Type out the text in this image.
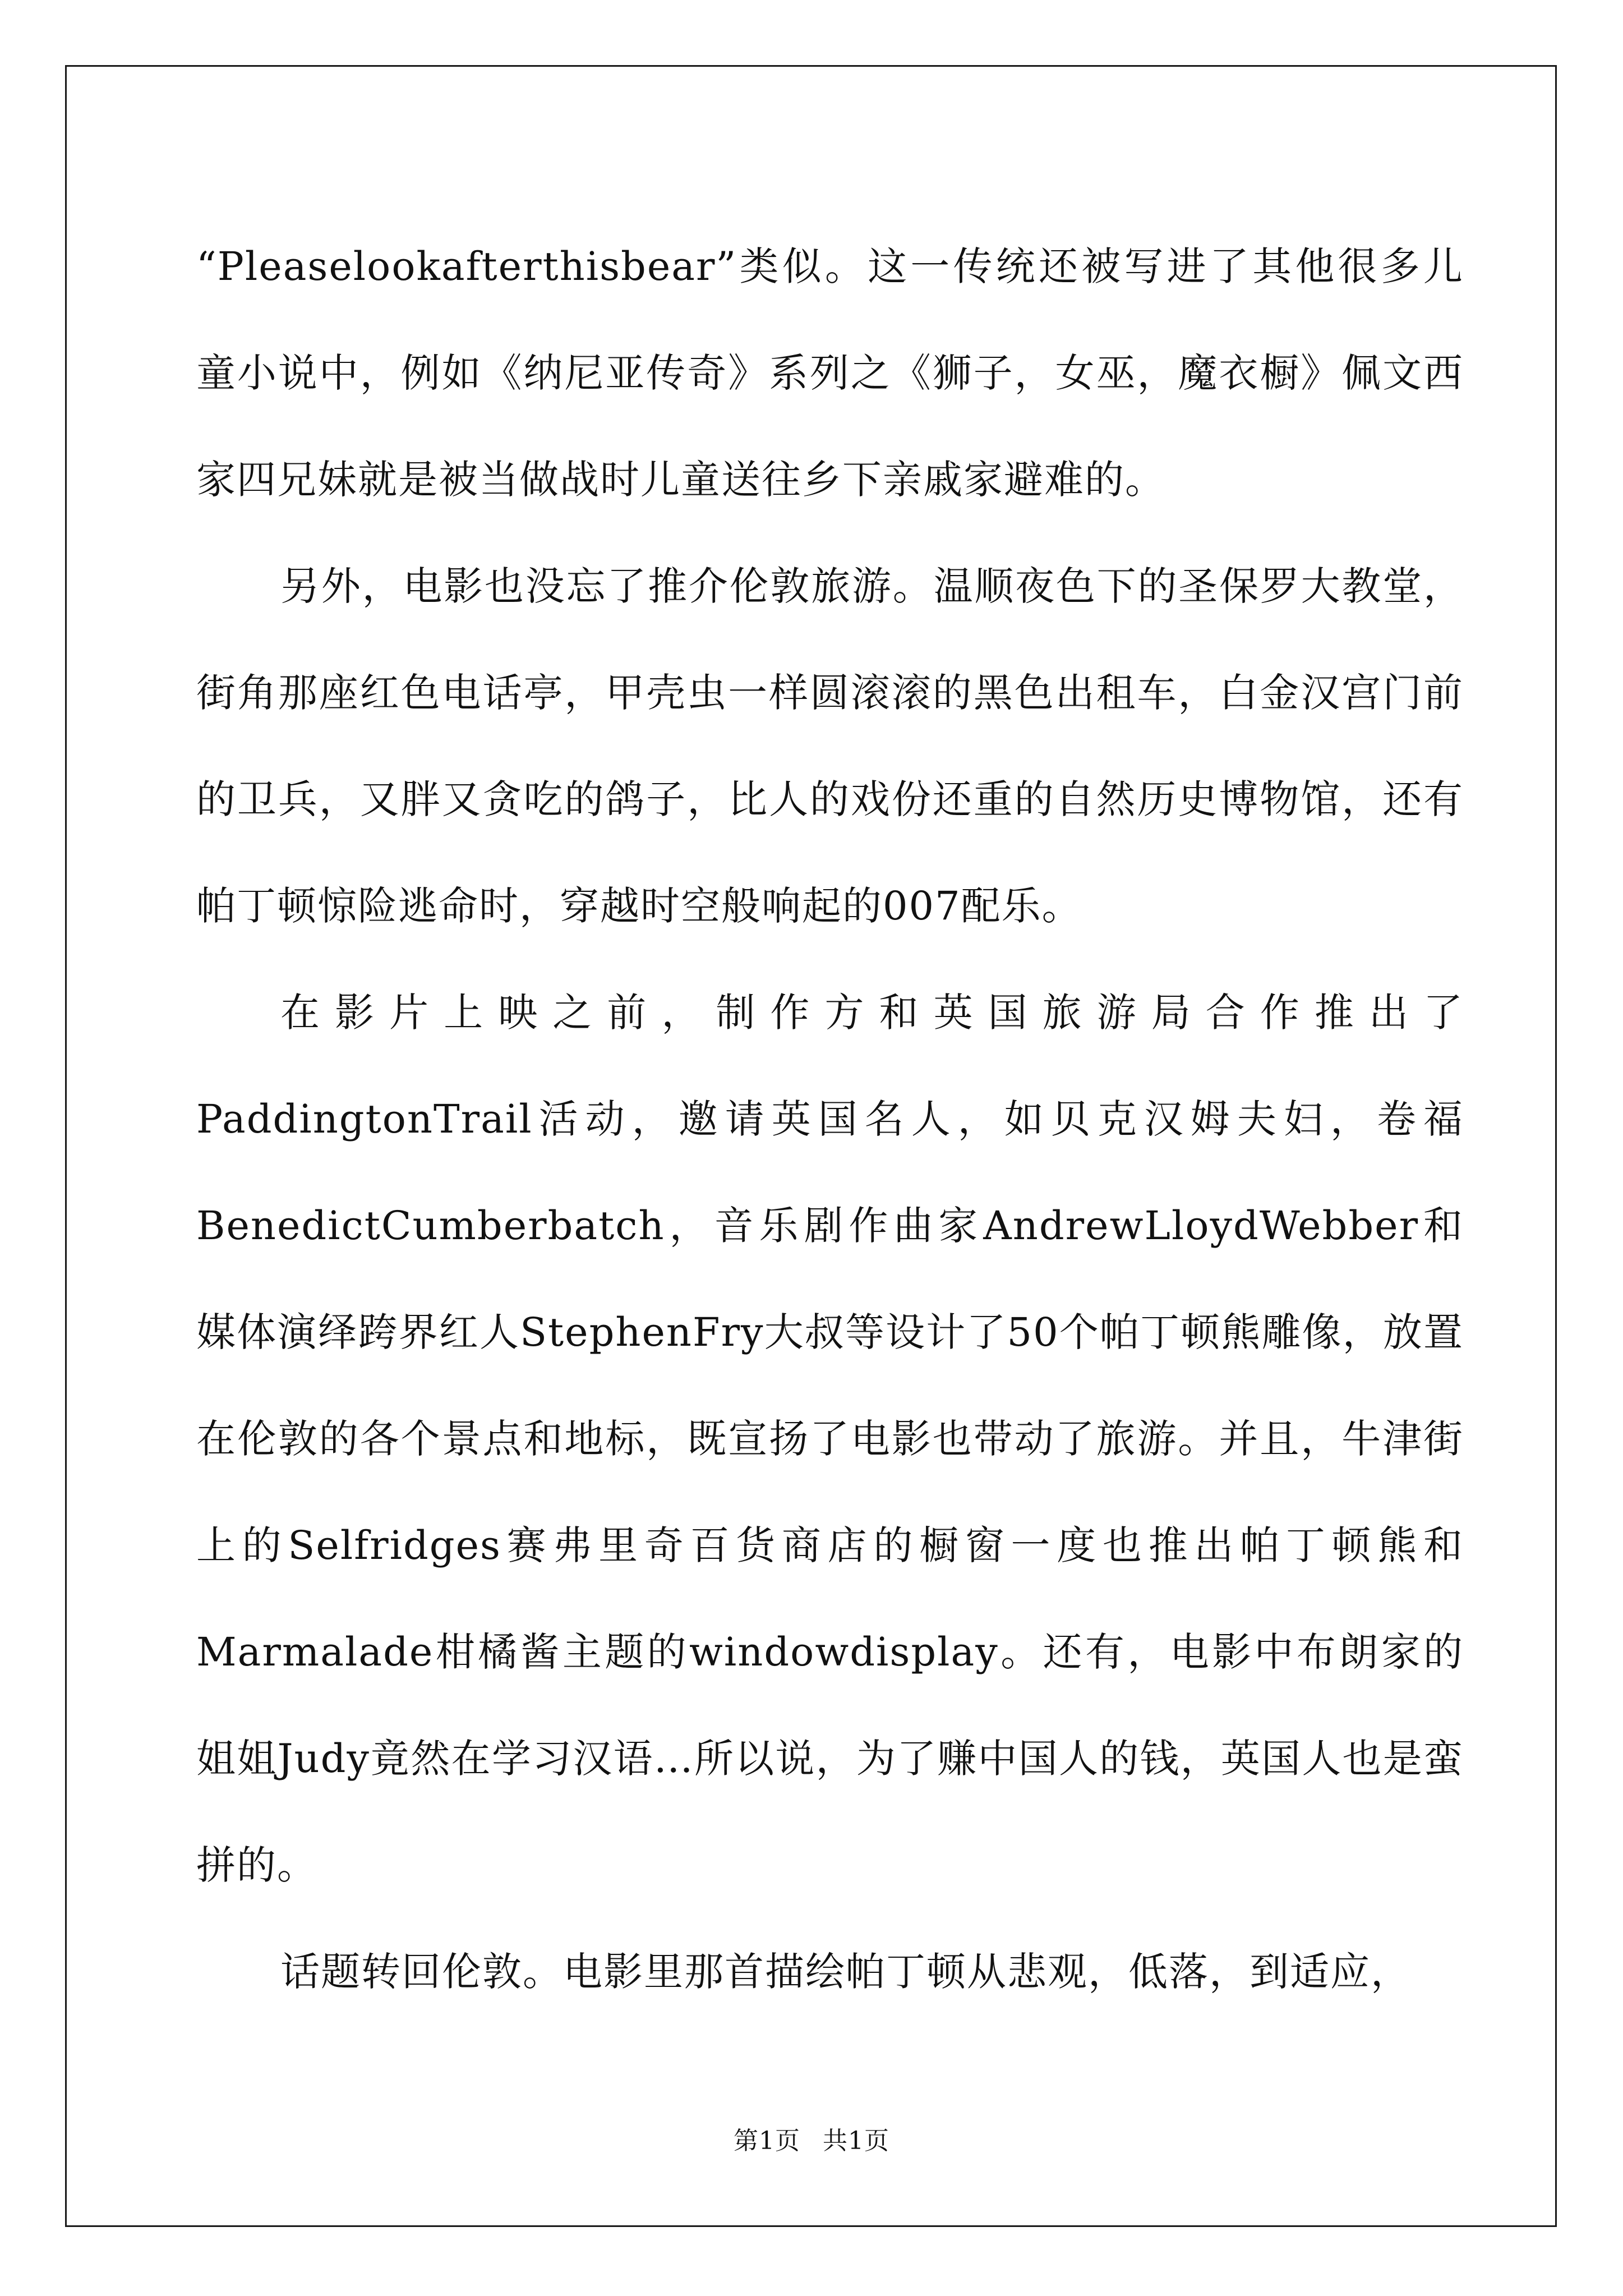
“Pleaselookafterthisbear”类似。这一传统还被写进了其他很多儿童小说中，例如《纳尼亚传奇》系列之《狮子，女巫，魔衣橱》佩文西家四兄妹就是被当做战时儿童送往乡下亲戚家避难的。

另外，电影也没忘了推介伦敦旅游。温顺夜色下的圣保罗大教堂，街角那座红色电话亭，甲壳虫一样圆滚滚的黑色出租车，白金汉宫门前的卫兵，又胖又贪吃的鸽子，比人的戏份还重的自然历史博物馆，还有帕丁顿惊险逃命时，穿越时空般响起的007配乐。

在影片上映之前，制作方和英国旅游局合作推出了PaddingtonTrail活动，邀请英国名人，如贝克汉姆夫妇，卷福BenedictCumberbatch，音乐剧作曲家AndrewLloydWebber和媒体演绎跨界红人StephenFry大叔等设计了50个帕丁顿熊雕像，放置在伦敦的各个景点和地标，既宣扬了电影也带动了旅游。并且，牛津街上的Selfridges赛弗里奇百货商店的橱窗一度也推出帕丁顿熊和Marmalade柑橘酱主题的windowdisplay。还有，电影中布朗家的姐姐Judy竟然在学习汉语…所以说，为了赚中国人的钱，英国人也是蛮拼的。

话题转回伦敦。电影里那首描绘帕丁顿从悲观，低落，到适应，

第1页 共1页
